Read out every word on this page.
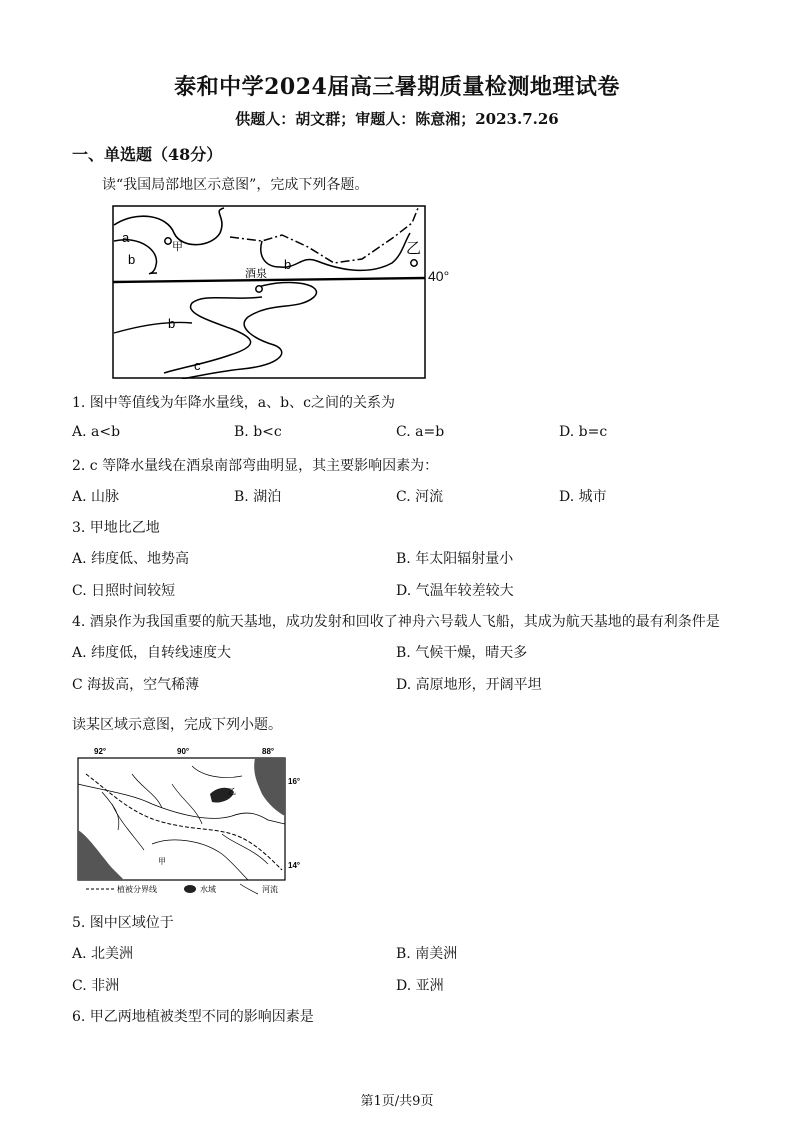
泰和中学2024届高三暑期质量检测地理试卷
供题人：胡文群；审题人：陈意湘；2023.7.26
一、单选题（48分）
读“我国局部地区示意图”，完成下列各题。
a
b	b
b
c
甲	乙
酒泉	40°
1. 图中等值线为年降水量线，a、b、c之间的关系为
A. a<b	B. b<c	C. a=b	D. b=c
2. c 等降水量线在酒泉南部弯曲明显，其主要影响因素为：
A. 山脉	B. 湖泊	C. 河流	D. 城市
3. 甲地比乙地
A. 纬度低、地势高	B. 年太阳辐射量小
C. 日照时间较短	D. 气温年较差较大
4. 酒泉作为我国重要的航天基地，成功发射和回收了神舟六号载人飞船，其成为航天基地的最有利条件是
A. 纬度低，自转线速度大	B. 气候干燥，晴天多
C 海拔高，空气稀薄	D. 高原地形，开阔平坦
读某区域示意图，完成下列小题。
92°	90°	88°
16°
14°
甲
乙
植被分界线	水域	河流
5. 图中区域位于
A. 北美洲	B. 南美洲
C. 非洲	D. 亚洲
6. 甲乙两地植被类型不同的影响因素是
第1页/共9页
